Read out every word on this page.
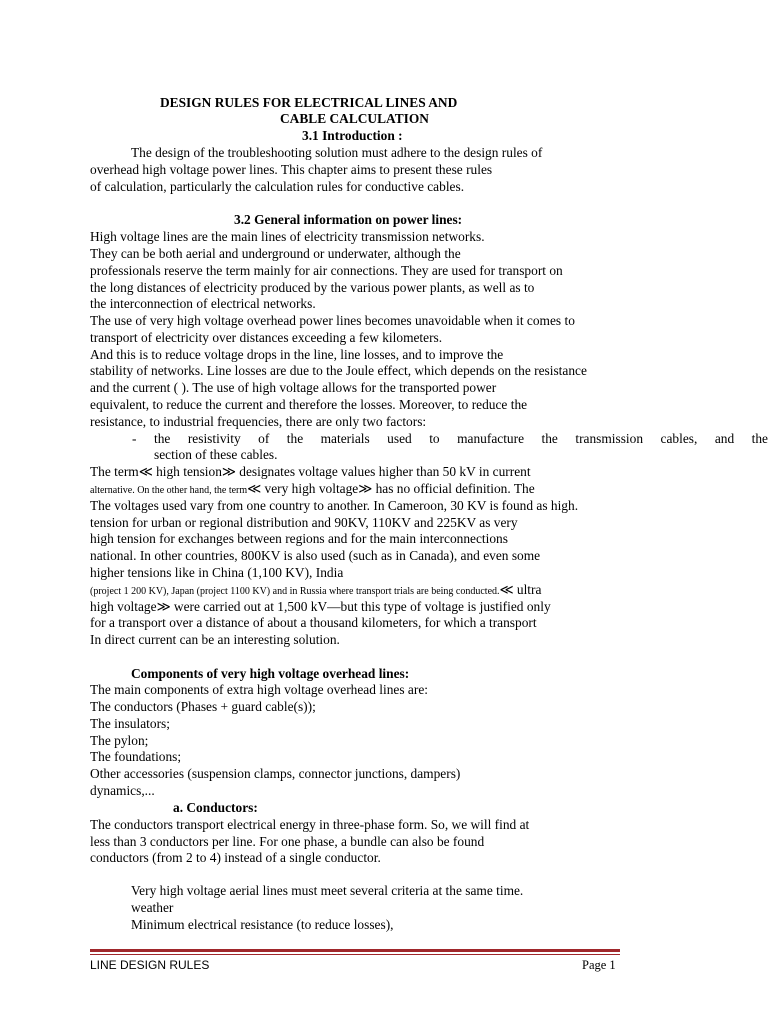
DESIGN RULES FOR ELECTRICAL LINES AND
CABLE CALCULATION
3.1 Introduction :
The design of the troubleshooting solution must adhere to the design rules of
overhead high voltage power lines. This chapter aims to present these rules
of calculation, particularly the calculation rules for conductive cables.
3.2 General information on power lines:
High voltage lines are the main lines of electricity transmission networks.
They can be both aerial and underground or underwater, although the
professionals reserve the term mainly for air connections. They are used for transport on
the long distances of electricity produced by the various power plants, as well as to
the interconnection of electrical networks.
The use of very high voltage overhead power lines becomes unavoidable when it comes to
transport of electricity over distances exceeding a few kilometers.
And this is to reduce voltage drops in the line, line losses, and to improve the
stability of networks. Line losses are due to the Joule effect, which depends on the resistance
and the current ( ). The use of high voltage allows for the transported power
equivalent, to reduce the current and therefore the losses. Moreover, to reduce the
resistance, to industrial frequencies, there are only two factors:
- the resistivity of the materials used to manufacture the transmission cables, and the
section of these cables.
The term≪ high tension≫ designates voltage values higher than 50 kV in current
alternative. On the other hand, the term≪ very high voltage≫ has no official definition. The
The voltages used vary from one country to another. In Cameroon, 30 KV is found as high.
tension for urban or regional distribution and 90KV, 110KV and 225KV as very
high tension for exchanges between regions and for the main interconnections
national. In other countries, 800KV is also used (such as in Canada), and even some
higher tensions like in China (1,100 KV), India
(project 1 200 KV), Japan (project 1100 KV) and in Russia where transport trials are being conducted.≪ ultra
high voltage≫ were carried out at 1,500 kV—but this type of voltage is justified only
for a transport over a distance of about a thousand kilometers, for which a transport
In direct current can be an interesting solution.
Components of very high voltage overhead lines:
The main components of extra high voltage overhead lines are:
The conductors (Phases + guard cable(s));
The insulators;
The pylon;
The foundations;
Other accessories (suspension clamps, connector junctions, dampers)
dynamics,...
a. Conductors:
The conductors transport electrical energy in three-phase form. So, we will find at
less than 3 conductors per line. For one phase, a bundle can also be found
conductors (from 2 to 4) instead of a single conductor.
Very high voltage aerial lines must meet several criteria at the same time.
weather
Minimum electrical resistance (to reduce losses),
LINE DESIGN RULES	Page 1
